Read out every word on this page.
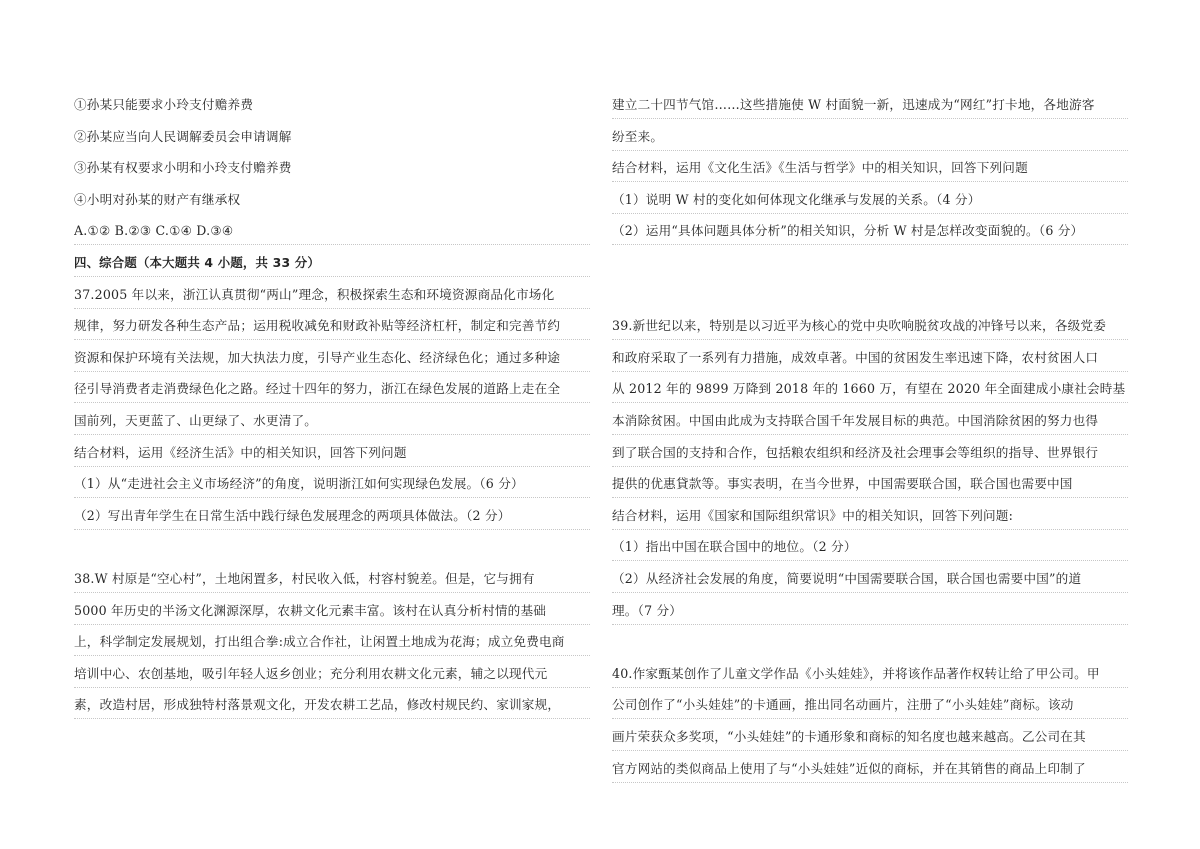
①孙某只能要求小玲支付赡养费
②孙某应当向人民调解委员会申请调解
③孙某有权要求小明和小玲支付赡养费
④小明对孙某的财产有继承权
A.①② B.②③ C.①④ D.③④
四、综合题（本大题共 4 小题，共 33 分）
37.2005 年以来，浙江认真贯彻“两山”理念，积极探索生态和环境资源商品化市场化
规律，努力研发各种生态产品；运用税收减免和财政补贴等经济杠杆，制定和完善节约
资源和保护环境有关法规，加大执法力度，引导产业生态化、经济绿色化；通过多种途
径引导消费者走消费绿色化之路。经过十四年的努力，浙江在绿色发展的道路上走在全
国前列，天更蓝了、山更绿了、水更清了。
结合材料，运用《经济生活》中的相关知识，回答下列问题
（1）从“走进社会主义市场经济”的角度，说明浙江如何实现绿色发展。（6 分）
（2）写出青年学生在日常生活中践行绿色发展理念的两项具体做法。（2 分）
38.W 村原是“空心村”，土地闲置多，村民收入低，村容村貌差。但是，它与拥有
5000 年历史的半汤文化渊源深厚，农耕文化元素丰富。该村在认真分析村情的基础
上，科学制定发展规划，打出组合拳:成立合作社，让闲置土地成为花海；成立免费电商
培训中心、农创基地，吸引年轻人返乡创业；充分利用农耕文化元素，辅之以现代元
素，改造村居，形成独特村落景观文化，开发农耕工艺品，修改村规民约、家训家规，
建立二十四节气馆……这些措施使 W 村面貌一新，迅速成为“网红”打卡地，各地游客
纷至来。
结合材料，运用《文化生活》《生活与哲学》中的相关知识，回答下列问题
（1）说明 W 村的变化如何体现文化继承与发展的关系。（4 分）
（2）运用“具体问题具体分析”的相关知识，分析 W 村是怎样改变面貌的。（6 分）
39.新世纪以来，特别是以习近平为核心的党中央吹响脱贫攻战的冲锋号以来，各级党委
和政府采取了一系列有力措施，成效卓著。中国的贫困发生率迅速下降，农村贫困人口
从 2012 年的 9899 万降到 2018 年的 1660 万，有望在 2020 年全面建成小康社会時基
本消除贫困。中国由此成为支持联合国千年发展目标的典范。中国消除贫困的努力也得
到了联合国的支持和合作，包括粮农组织和经济及社会理事会等组织的指导、世界银行
提供的优惠貸款等。事实表明，在当今世界，中国需要联合国，联合国也需要中国
结合材料，运用《国家和国际组织常识》中的相关知识，回答下列问题:
（1）指出中国在联合国中的地位。（2 分）
（2）从经济社会发展的角度，简要说明“中国需要联合国，联合国也需要中国”的道
理。（7 分）
40.作家甄某创作了儿童文学作品《小头娃娃》，并将该作品著作权转让给了甲公司。甲
公司创作了“小头娃娃”的卡通画，推出同名动画片，注册了“小头娃娃”商标。该动
画片荣获众多奖项，“小头娃娃”的卡通形象和商标的知名度也越来越高。乙公司在其
官方网站的类似商品上使用了与“小头娃娃”近似的商标，并在其销售的商品上印制了
